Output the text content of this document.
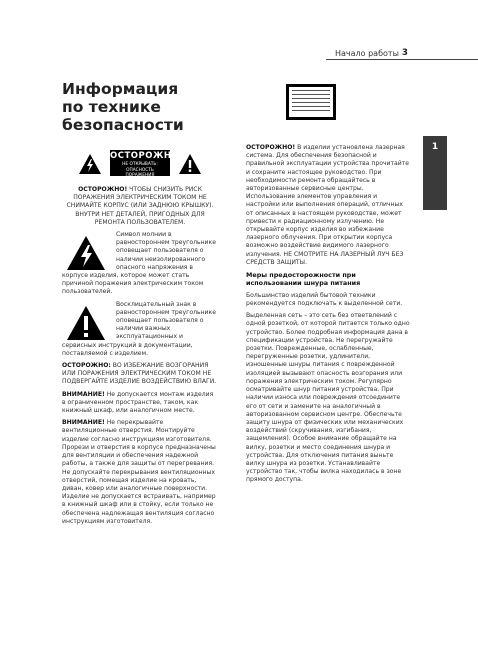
Начало работы 3
1
Начало работы
Информация
по технике
безопасности
ОСТОРОЖНО
НЕ ОТКРЫВАТЬ: ОПАСНОСТЬ
ПОРАЖЕНИЯ ЭЛЕКТРИЧЕСКИМ ТОКОМ

ОСТОРОЖНО! ЧТОБЫ СНИЗИТЬ РИСК ПОРАЖЕНИЯ ЭЛЕКТРИЧЕСКИМ ТОКОМ НЕ СНИМАЙТЕ КОРПУС (ИЛИ ЗАДНЮЮ КРЫШКУ). ВНУТРИ НЕТ ДЕТАЛЕЙ, ПРИГОДНЫХ ДЛЯ РЕМОНТА ПОЛЬЗОВАТЕЛЕМ.

Символ молнии в равностороннем треугольнике оповещает пользователя о наличии неизолированного опасного напряжения в корпусе изделия, которое может стать причиной поражения электрическим током пользователей.

Восклицательный знак в равностороннем треугольнике оповещает пользователя о наличии важных эксплуатационных и сервисных инструкций в документации, поставляемой с изделием.

ОСТОРОЖНО: ВО ИЗБЕЖАНИЕ ВОЗГОРАНИЯ ИЛИ ПОРАЖЕНИЯ ЭЛЕКТРИЧЕСКИМ ТОКОМ НЕ ПОДВЕРГАЙТЕ ИЗДЕЛИЕ ВОЗДЕЙСТВИЮ ВЛАГИ.

ВНИМАНИЕ! Не допускается монтаж изделия в ограниченном пространстве, таком, как книжный шкаф, или аналогичном месте.

ВНИМАНИЕ! Не перекрывайте вентиляционные отверстия. Монтируйте изделие согласно инструкциям изготовителя. Прорези и отверстия в корпусе предназначены для вентиляции и обеспечения надежной работы, а также для защиты от перегревания. Не допускайте перекрывания вентиляционных отверстий, помещая изделие на кровать, диван, ковер или аналогичные поверхности. Изделие не допускается встраивать, например в книжный шкаф или в стойку, если только не обеспечена надлежащая вентиляция согласно инструкциям изготовителя.

ОСТОРОЖНО! В изделии установлена лазерная система. Для обеспечения безопасной и правильной эксплуатации устройства прочитайте и сохраните настоящее руководство. При необходимости ремонта обращайтесь в авторизованные сервисные центры. Использование элементов управления и настройки или выполнения операций, отличных от описанных в настоящем руководстве, может привести к радиационному излучению. Не открывайте корпус изделия во избежание лазерного облучения. При открытии корпуса возможно воздействие видимого лазерного излучения. НЕ СМОТРИТЕ НА ЛАЗЕРНЫЙ ЛУЧ БЕЗ СРЕДСТВ ЗАЩИТЫ.

Меры предосторожности при использовании шнура питания

Большинство изделий бытовой техники рекомендуется подключать к выделенной сети.

Выделенная сеть – это сеть без ответвлений с одной розеткой, от которой питается только одно устройство. Более подробная информация дана в спецификации устройства. Не перегружайте розетки. Поврежденные, ослабленные, перегруженные розетки, удлинители, изношенные шнуры питания с поврежденной изоляцией вызывают опасность возгорания или поражения электрическим током. Регулярно осматривайте шнур питания устройства. При наличии износа или повреждения отсоедините его от сети и замените на аналогичный в авторизованном сервисном центре. Обеспечьте защиту шнура от физических или механических воздействий (скручивания, изгибания, защемления). Особое внимание обращайте на вилку, розетки и место соединения шнура и устройства. Для отключения питания выньте вилку шнура из розетки. Устанавливайте устройство так, чтобы вилка находилась в зоне прямого доступа.
